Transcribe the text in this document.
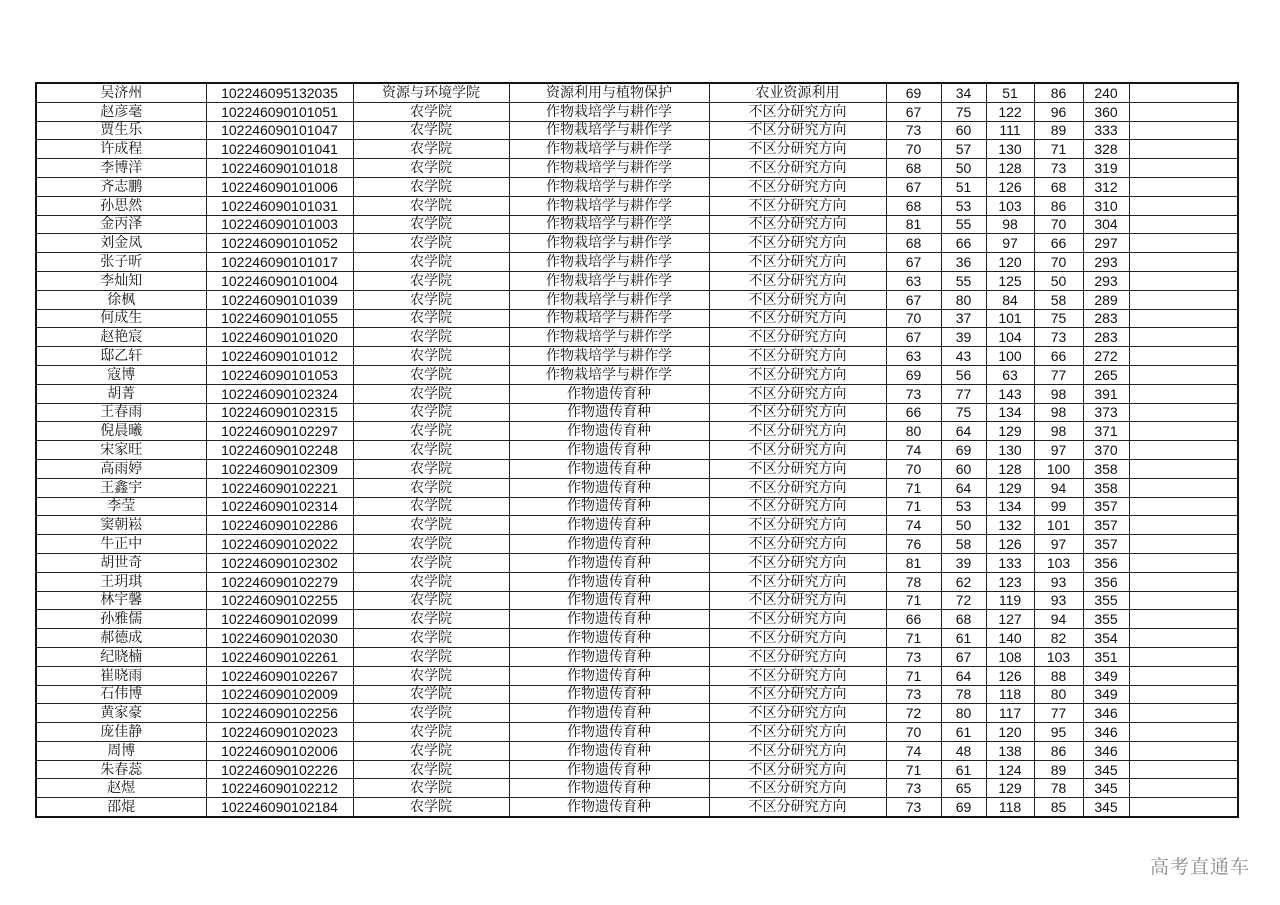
吴济州	102246095132035	资源与环境学院	资源利用与植物保护	农业资源利用	69	34	51	86	240	
赵彦毫	102246090101051	农学院	作物栽培学与耕作学	不区分研究方向	67	75	122	96	360	
贾生乐	102246090101047	农学院	作物栽培学与耕作学	不区分研究方向	73	60	111	89	333	
许成程	102246090101041	农学院	作物栽培学与耕作学	不区分研究方向	70	57	130	71	328	
李博洋	102246090101018	农学院	作物栽培学与耕作学	不区分研究方向	68	50	128	73	319	
齐志鹏	102246090101006	农学院	作物栽培学与耕作学	不区分研究方向	67	51	126	68	312	
孙思然	102246090101031	农学院	作物栽培学与耕作学	不区分研究方向	68	53	103	86	310	
金丙泽	102246090101003	农学院	作物栽培学与耕作学	不区分研究方向	81	55	98	70	304	
刘金凤	102246090101052	农学院	作物栽培学与耕作学	不区分研究方向	68	66	97	66	297	
张子昕	102246090101017	农学院	作物栽培学与耕作学	不区分研究方向	67	36	120	70	293	
李灿知	102246090101004	农学院	作物栽培学与耕作学	不区分研究方向	63	55	125	50	293	
徐枫	102246090101039	农学院	作物栽培学与耕作学	不区分研究方向	67	80	84	58	289	
何成生	102246090101055	农学院	作物栽培学与耕作学	不区分研究方向	70	37	101	75	283	
赵艳宸	102246090101020	农学院	作物栽培学与耕作学	不区分研究方向	67	39	104	73	283	
邸乙轩	102246090101012	农学院	作物栽培学与耕作学	不区分研究方向	63	43	100	66	272	
寇博	102246090101053	农学院	作物栽培学与耕作学	不区分研究方向	69	56	63	77	265	
胡菁	102246090102324	农学院	作物遗传育种	不区分研究方向	73	77	143	98	391	
王春雨	102246090102315	农学院	作物遗传育种	不区分研究方向	66	75	134	98	373	
倪晨曦	102246090102297	农学院	作物遗传育种	不区分研究方向	80	64	129	98	371	
宋家旺	102246090102248	农学院	作物遗传育种	不区分研究方向	74	69	130	97	370	
高雨婷	102246090102309	农学院	作物遗传育种	不区分研究方向	70	60	128	100	358	
王鑫宇	102246090102221	农学院	作物遗传育种	不区分研究方向	71	64	129	94	358	
李莹	102246090102314	农学院	作物遗传育种	不区分研究方向	71	53	134	99	357	
窦朝崧	102246090102286	农学院	作物遗传育种	不区分研究方向	74	50	132	101	357	
牛正中	102246090102022	农学院	作物遗传育种	不区分研究方向	76	58	126	97	357	
胡世奇	102246090102302	农学院	作物遗传育种	不区分研究方向	81	39	133	103	356	
王玥琪	102246090102279	农学院	作物遗传育种	不区分研究方向	78	62	123	93	356	
林宇馨	102246090102255	农学院	作物遗传育种	不区分研究方向	71	72	119	93	355	
孙雅儒	102246090102099	农学院	作物遗传育种	不区分研究方向	66	68	127	94	355	
郝德成	102246090102030	农学院	作物遗传育种	不区分研究方向	71	61	140	82	354	
纪晓楠	102246090102261	农学院	作物遗传育种	不区分研究方向	73	67	108	103	351	
崔晓雨	102246090102267	农学院	作物遗传育种	不区分研究方向	71	64	126	88	349	
石伟博	102246090102009	农学院	作物遗传育种	不区分研究方向	73	78	118	80	349	
黄家豪	102246090102256	农学院	作物遗传育种	不区分研究方向	72	80	117	77	346	
庞佳静	102246090102023	农学院	作物遗传育种	不区分研究方向	70	61	120	95	346	
周博	102246090102006	农学院	作物遗传育种	不区分研究方向	74	48	138	86	346	
朱春蕊	102246090102226	农学院	作物遗传育种	不区分研究方向	71	61	124	89	345	
赵煜	102246090102212	农学院	作物遗传育种	不区分研究方向	73	65	129	78	345	
邵焜	102246090102184	农学院	作物遗传育种	不区分研究方向	73	69	118	85	345	
高考直通车
